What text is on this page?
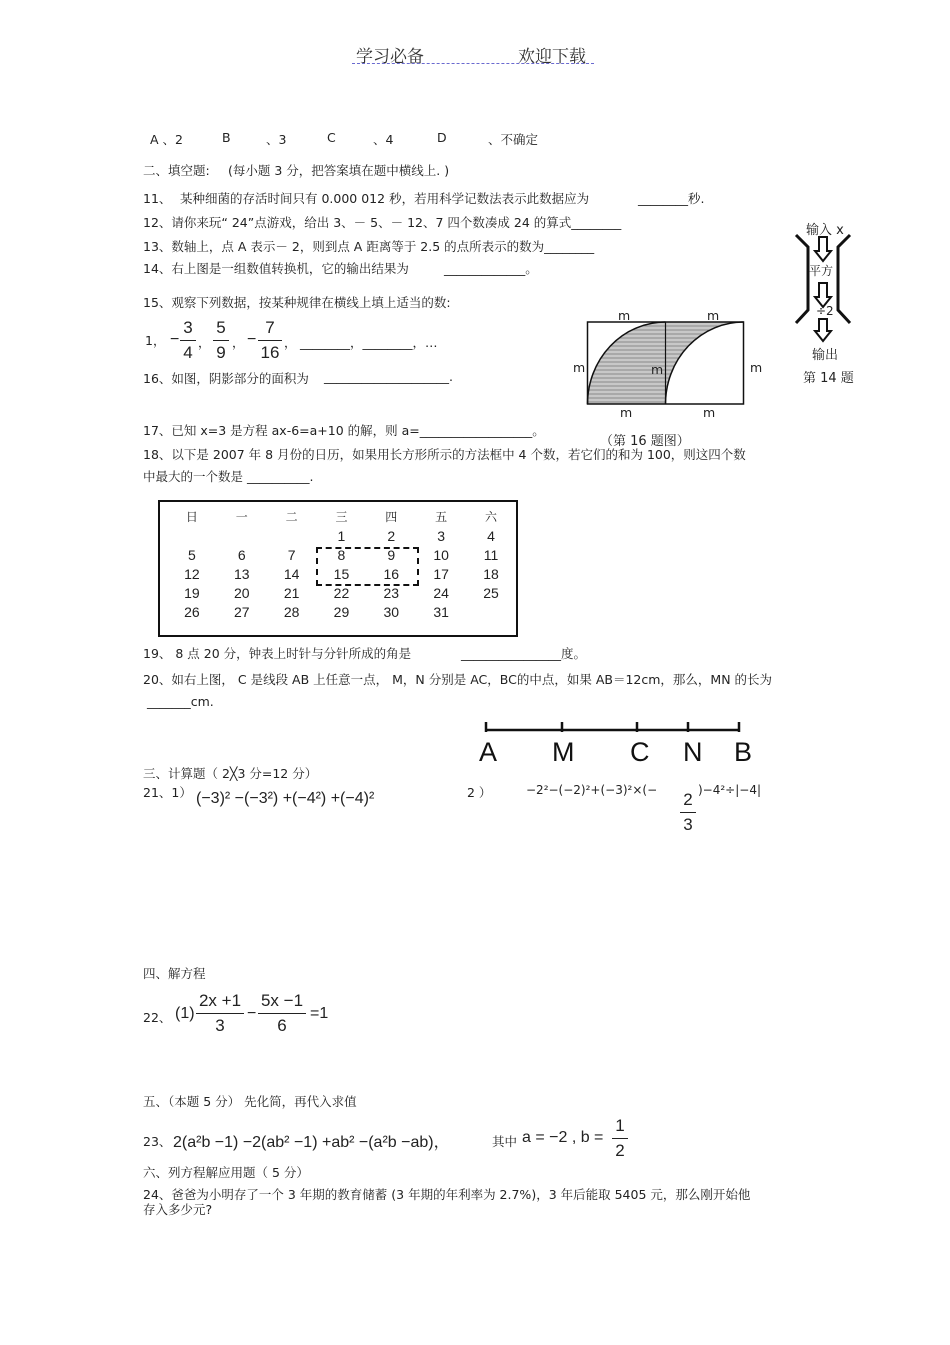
学习必备	欢迎下载
A 、2	B	、3	C	、4	D	、不确定
二、填空题: (每小题 3 分，把答案填在题中横线上. )
11、 某种细菌的存活时间只有 0.000 012 秒，若用科学记数法表示此数据应为	________秒.
12、请你来玩“ 24”点游戏，给出 3、－ 5、－ 12、7 四个数凑成 24 的算式________
13、数轴上，点 A 表示－ 2，则到点 A 距离等于 2.5 的点所表示的数为________
14、右上图是一组数值转换机，它的输出结果为	_____________。
15、观察下列数据，按某种规律在横线上填上适当的数:
1， −
3
4
，
5
9
， −
7
16
， ________，________，…
16、如图，阴影部分的面积为 ____________________.
17、已知 x=3 是方程 ax-6=a+10 的解，则 a=__________________。
18、以下是 2007 年 8 月份的日历，如果用长方形所示的方法框中 4 个数，若它们的和为 100，则这四个数
中最大的一个数是 __________.
日	一	二	三	四	五	六
			1	2	3	4
5	6	7	8	9	10	11
12	13	14	15	16	17	18
19	20	21	22	23	24	25
26	27	28	29	30	31	
19、 8 点 20 分，钟表上时针与分针所成的角是	________________度。
20、如右上图， C 是线段 AB 上任意一点， M，N 分别是 AC，BC的中点，如果 AB＝12cm，那么，MN 的长为
_______cm.
A M C N B
三、计算题（ 2╳3 分=12 分）
21、1） (−3)² −(−3²) +(−4²) +(−4)²	2 ）	−2²−(−2)²+(−3)²×(− 2
3
)−4²÷|−4|
四、解方程
22、 (1)
2x +1
3
−
5x −1
6
=1
五、（本题 5 分） 先化简，再代入求值
23、 2(a²b −1) −2(ab² −1) +ab² −(a²b −ab)，	其中 a = −2 , b =
1
2
六、列方程解应用题（ 5 分）
24、爸爸为小明存了一个 3 年期的教育储蓄 (3 年期的年利率为 2.7%)，3 年后能取 5405 元，那么刚开始他
存入多少元?
输入 x
平方
÷2
输出
第 14 题
m	m
m	m	m
m	m
（第 16 题图）
